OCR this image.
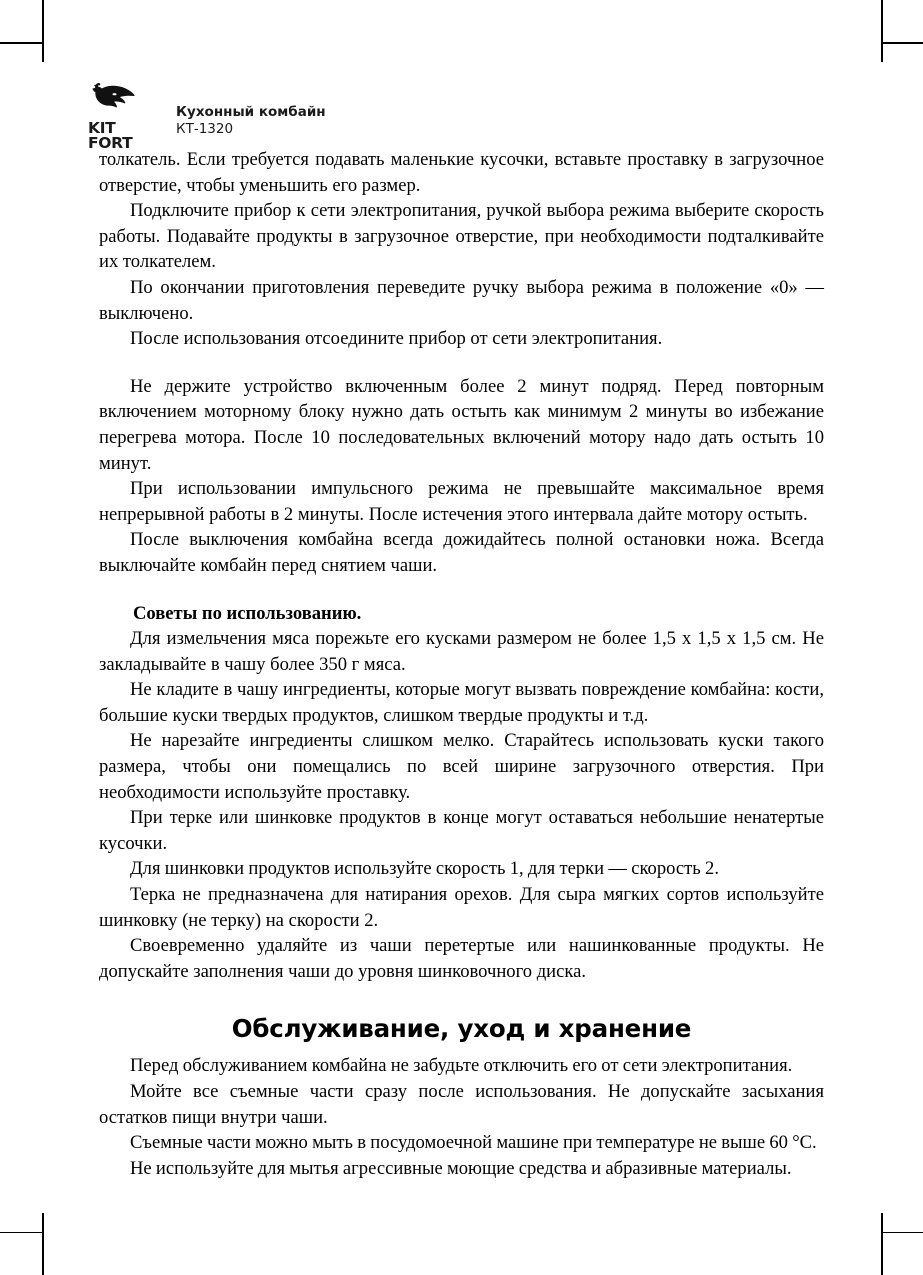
KIT
FORT
Кухонный комбайн
КТ-1320

толкатель. Если требуется подавать маленькие кусочки, вставьте проставку в загрузочное отверстие, чтобы уменьшить его размер.

Подключите прибор к сети электропитания, ручкой выбора режима выберите скорость работы. Подавайте продукты в загрузочное отверстие, при необходимости подталкивайте их толкателем.

По окончании приготовления переведите ручку выбора режима в положение «0» — выключено.

После использования отсоедините прибор от сети электропитания.

Не держите устройство включенным более 2 минут подряд. Перед повторным включением моторному блоку нужно дать остыть как минимум 2 минуты во избежание перегрева мотора. После 10 последовательных включений мотору надо дать остыть 10 минут.

При использовании импульсного режима не превышайте максимальное время непрерывной работы в 2 минуты. После истечения этого интервала дайте мотору остыть.

После выключения комбайна всегда дожидайтесь полной остановки ножа. Всегда выключайте комбайн перед снятием чаши.

Советы по использованию.

Для измельчения мяса порежьте его кусками размером не более 1,5 х 1,5 х 1,5 см. Не закладывайте в чашу более 350 г мяса.

Не кладите в чашу ингредиенты, которые могут вызвать повреждение комбайна: кости, большие куски твердых продуктов, слишком твердые продукты и т.д.

Не нарезайте ингредиенты слишком мелко. Старайтесь использовать куски такого размера, чтобы они помещались по всей ширине загрузочного отверстия. При необходимости используйте проставку.

При терке или шинковке продуктов в конце могут оставаться небольшие ненатертые кусочки.

Для шинковки продуктов используйте скорость 1, для терки — скорость 2.

Терка не предназначена для натирания орехов. Для сыра мягких сортов используйте шинковку (не терку) на скорости 2.

Своевременно удаляйте из чаши перетертые или нашинкованные продукты. Не допускайте заполнения чаши до уровня шинковочного диска.

Обслуживание, уход и хранение

Перед обслуживанием комбайна не забудьте отключить его от сети электропитания.

Мойте все съемные части сразу после использования. Не допускайте засыхания остатков пищи внутри чаши.

Съемные части можно мыть в посудомоечной машине при температуре не выше 60 °C.

Не используйте для мытья агрессивные моющие средства и абразивные материалы.
